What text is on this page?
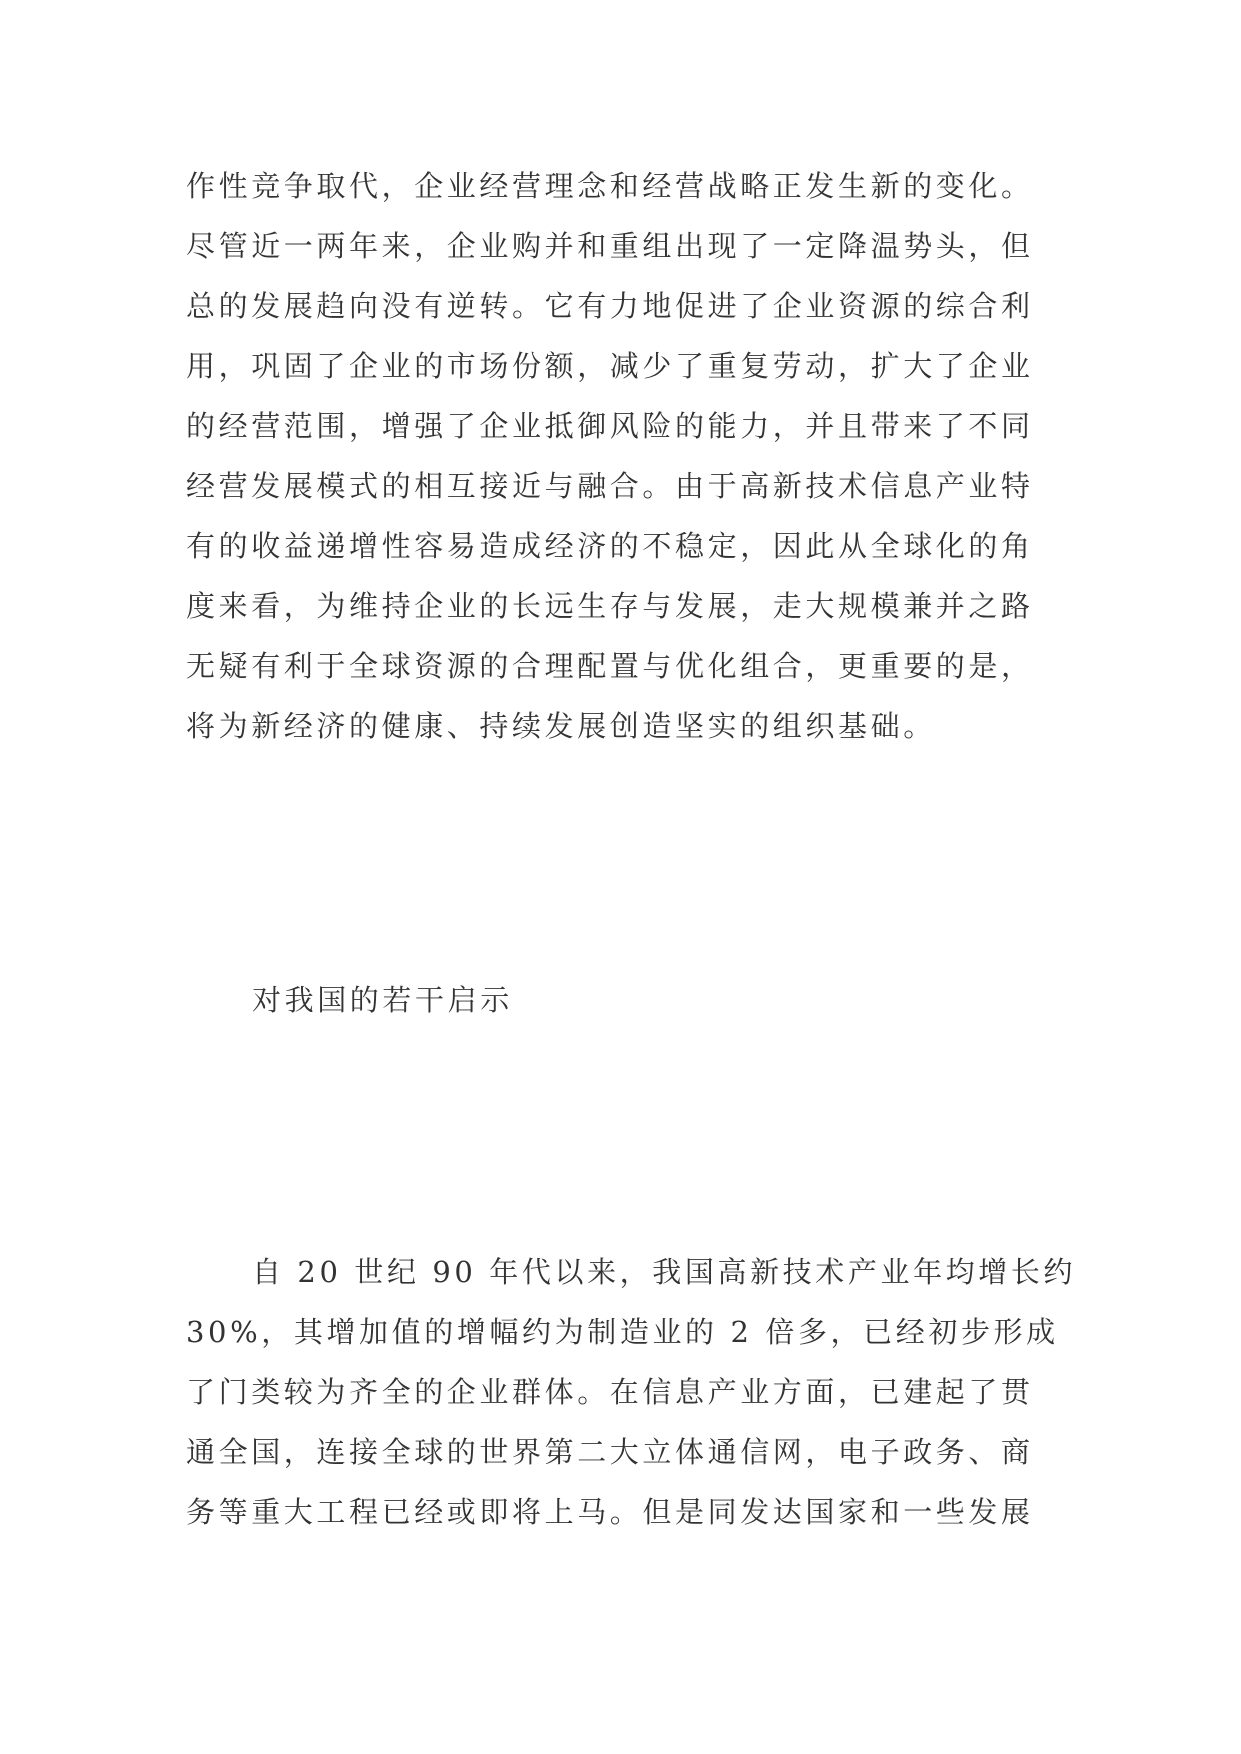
作性竞争取代，企业经营理念和经营战略正发生新的变化。
尽管近一两年来，企业购并和重组出现了一定降温势头，但
总的发展趋向没有逆转。它有力地促进了企业资源的综合利
用，巩固了企业的市场份额，减少了重复劳动，扩大了企业
的经营范围，增强了企业抵御风险的能力，并且带来了不同
经营发展模式的相互接近与融合。由于高新技术信息产业特
有的收益递增性容易造成经济的不稳定，因此从全球化的角
度来看，为维持企业的长远生存与发展，走大规模兼并之路
无疑有利于全球资源的合理配置与优化组合，更重要的是，
将为新经济的健康、持续发展创造坚实的组织基础。
对我国的若干启示
自 20 世纪 90 年代以来，我国高新技术产业年均增长约
30%，其增加值的增幅约为制造业的 2 倍多，已经初步形成
了门类较为齐全的企业群体。在信息产业方面，已建起了贯
通全国，连接全球的世界第二大立体通信网，电子政务、商
务等重大工程已经或即将上马。但是同发达国家和一些发展
